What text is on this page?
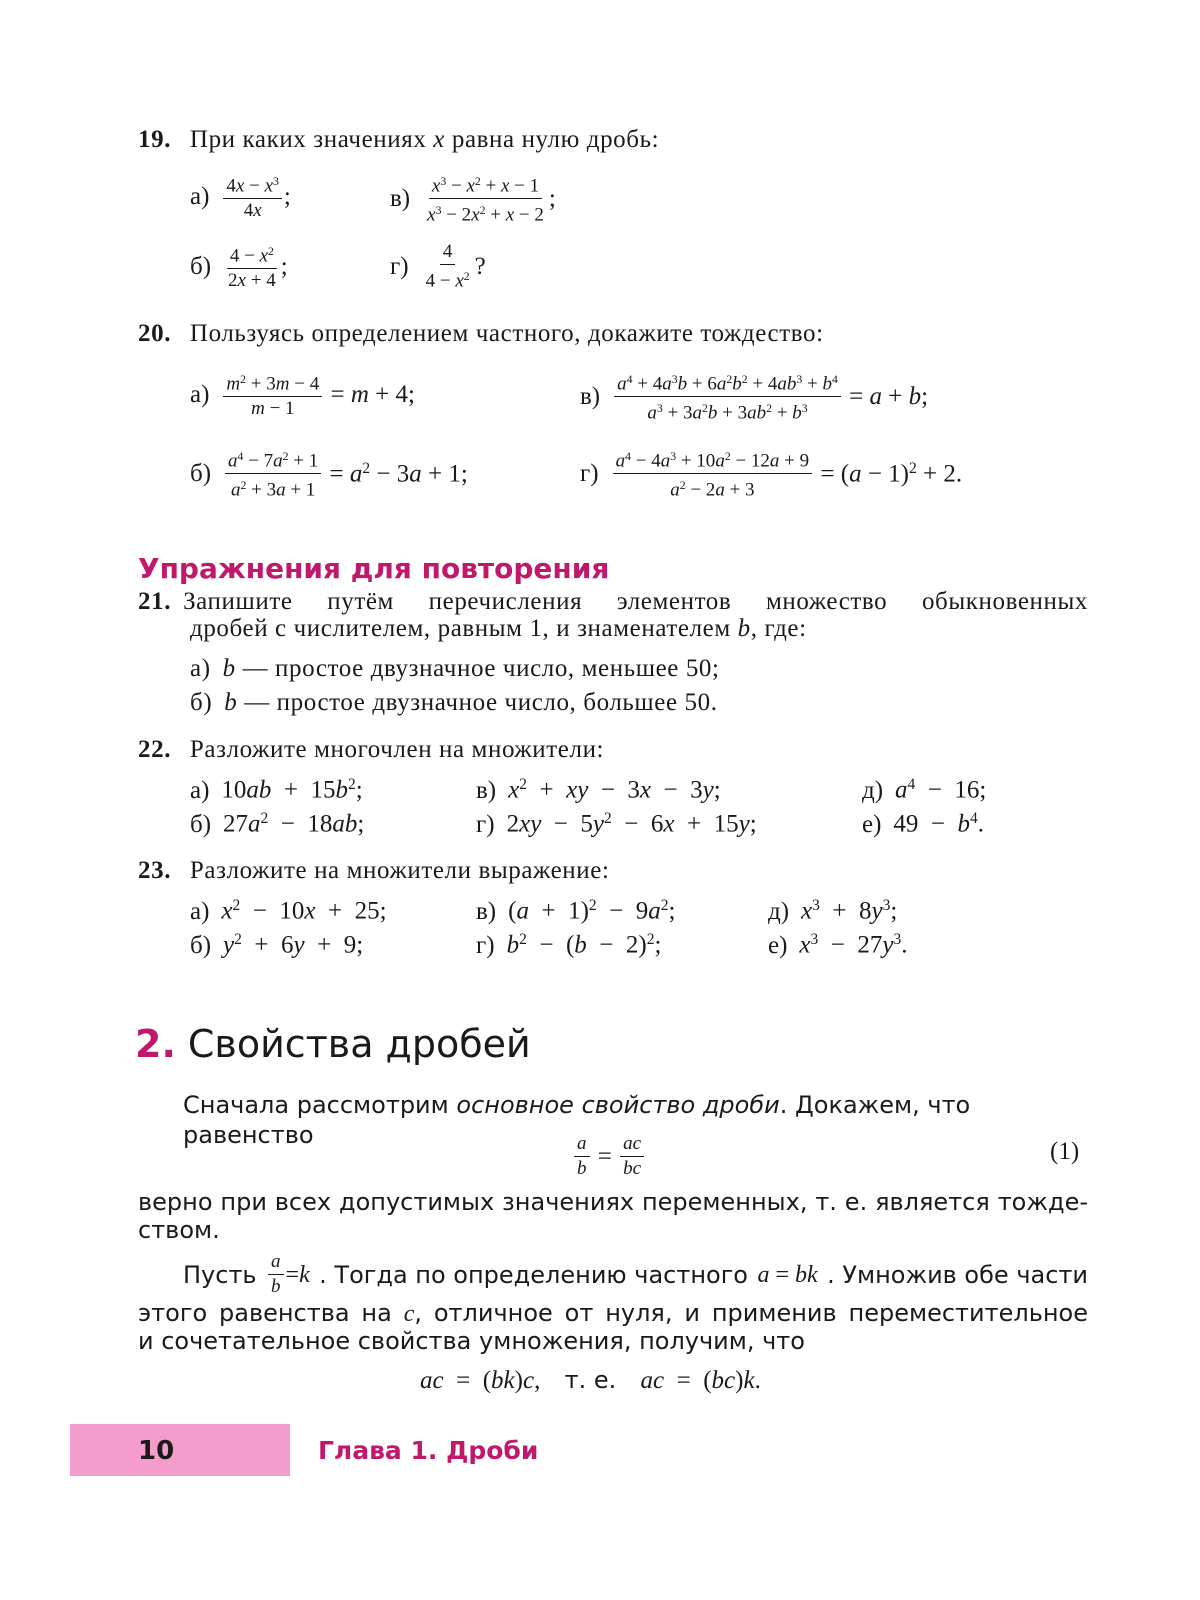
19. При каких значениях x равна нулю дробь:
$а) \frac{4x - x^3}{4x}$ ;	$в) \frac{x^3 - x^2 + x - 1}{x^3 - 2x^2 + x - 2}$ ;
$б) \frac{4 - x^2}{2x + 4}$ ;	$г) \frac{4}{4 - x^2}$ ?
20. Пользуясь определением частного, докажите тождество:
$а) \frac{m^2 + 3m - 4}{m - 1} = m + 4$;	$в) \frac{a^4 + 4a^3b + 6a^2b^2 + 4ab^3 + b^4}{a^3 + 3a^2b + 3ab^2 + b^3} = a + b$;
$б) \frac{a^4 - 7a^2 + 1}{a^2 + 3a + 1} = a^2 - 3a + 1$;	$г) \frac{a^4 - 4a^3 + 10a^2 - 12a + 9}{a^2 - 2a + 3} = (a - 1)^2 + 2$.
Упражнения для повторения
21. Запишите путём перечисления элементов множество обыкновенных
дробей с числителем, равным 1, и знаменателем b, где:
а) b — простое двузначное число, меньшее 50;
б) b — простое двузначное число, большее 50.
22. Разложите многочлен на множители:
а) $10ab + 15b^2$;	в) $x^2$  +  xy  −  3x  −  3y;	д) $a^4 - 16$;
б) $27a^2 - 18ab$;	г) $2xy - 5y^2 - 6x + 15y$;	е) $49 - b^4$.
23. Разложите на множители выражение:
а) $x^2 - 10x + 25$;	в) $(a + 1)^2 - 9a^2$;	д) $x^3 + 8y^3$;
б) $y^2 + 6y + 9$;	г) $b^2 - (b - 2)^2$;	е) $x^3 - 27y^3$.
2. Свойства дробей
Сначала рассмотрим основное свойство дроби. Докажем, что равенство	$\frac{a}{b} = \frac{ac}{bc}$	(1)
верно при всех допустимых значениях переменных, т. е. является тожде-
ством.
Пусть $\frac{a}{b} = k$ . Тогда по определению частного a = bk . Умножив обе части
этого равенства на c, отличное от нуля, и применив переместительное
и сочетательное свойства умножения, получим, что
ac  =  (bk)c, т. е. ac  =  (bc)k.
10	Глава 1. Дроби
